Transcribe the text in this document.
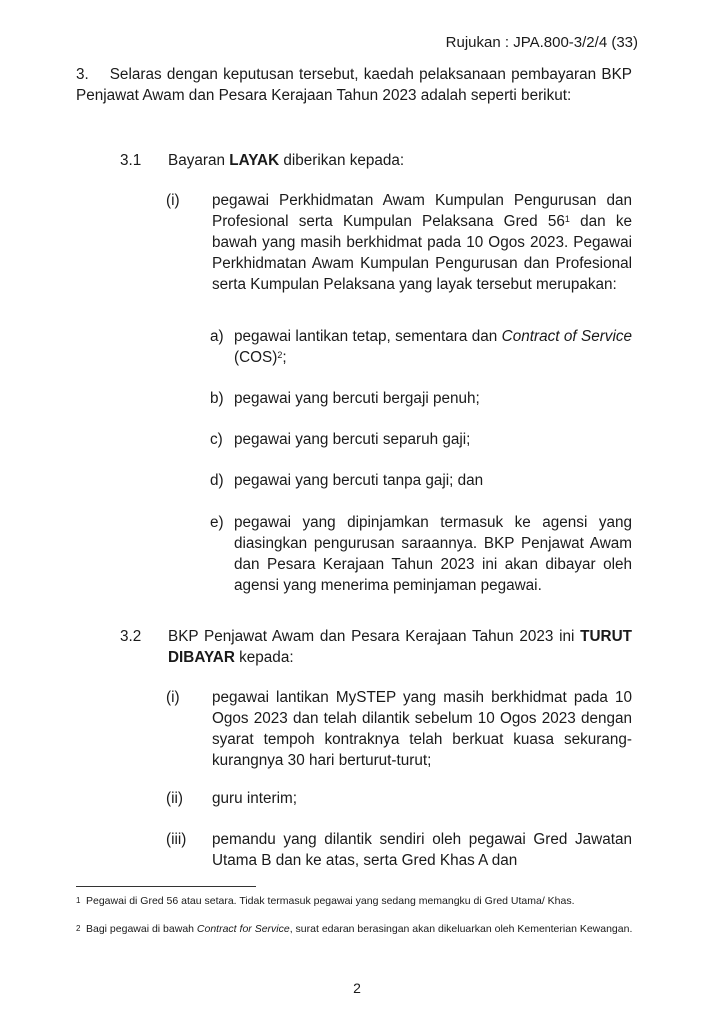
Rujukan : JPA.800-3/2/4 (33)
3. Selaras dengan keputusan tersebut, kaedah pelaksanaan pembayaran BKP Penjawat Awam dan Pesara Kerajaan Tahun 2023 adalah seperti berikut:
3.1 Bayaran LAYAK diberikan kepada:
(i) pegawai Perkhidmatan Awam Kumpulan Pengurusan dan Profesional serta Kumpulan Pelaksana Gred $56^1$ dan ke bawah yang masih berkhidmat pada 10 Ogos 2023. Pegawai Perkhidmatan Awam Kumpulan Pengurusan dan Profesional serta Kumpulan Pelaksana yang layak tersebut merupakan:
a) pegawai lantikan tetap, sementara dan Contract of Service (COS)$^2$;
b) pegawai yang bercuti bergaji penuh;
c) pegawai yang bercuti separuh gaji;
d) pegawai yang bercuti tanpa gaji; dan
e) pegawai yang dipinjamkan termasuk ke agensi yang diasingkan pengurusan saraannya. BKP Penjawat Awam dan Pesara Kerajaan Tahun 2023 ini akan dibayar oleh agensi yang menerima peminjaman pegawai.
3.2 BKP Penjawat Awam dan Pesara Kerajaan Tahun 2023 ini TURUT DIBAYAR kepada:
(i) pegawai lantikan MySTEP yang masih berkhidmat pada 10 Ogos 2023 dan telah dilantik sebelum 10 Ogos 2023 dengan syarat tempoh kontraknya telah berkuat kuasa sekurang-kurangnya 30 hari berturut-turut;
(ii) guru interim;
(iii) pemandu yang dilantik sendiri oleh pegawai Gred Jawatan Utama B dan ke atas, serta Gred Khas A dan
1 Pegawai di Gred 56 atau setara. Tidak termasuk pegawai yang sedang memangku di Gred Utama/ Khas.
2 Bagi pegawai di bawah Contract for Service, surat edaran berasingan akan dikeluarkan oleh Kementerian Kewangan.
2
